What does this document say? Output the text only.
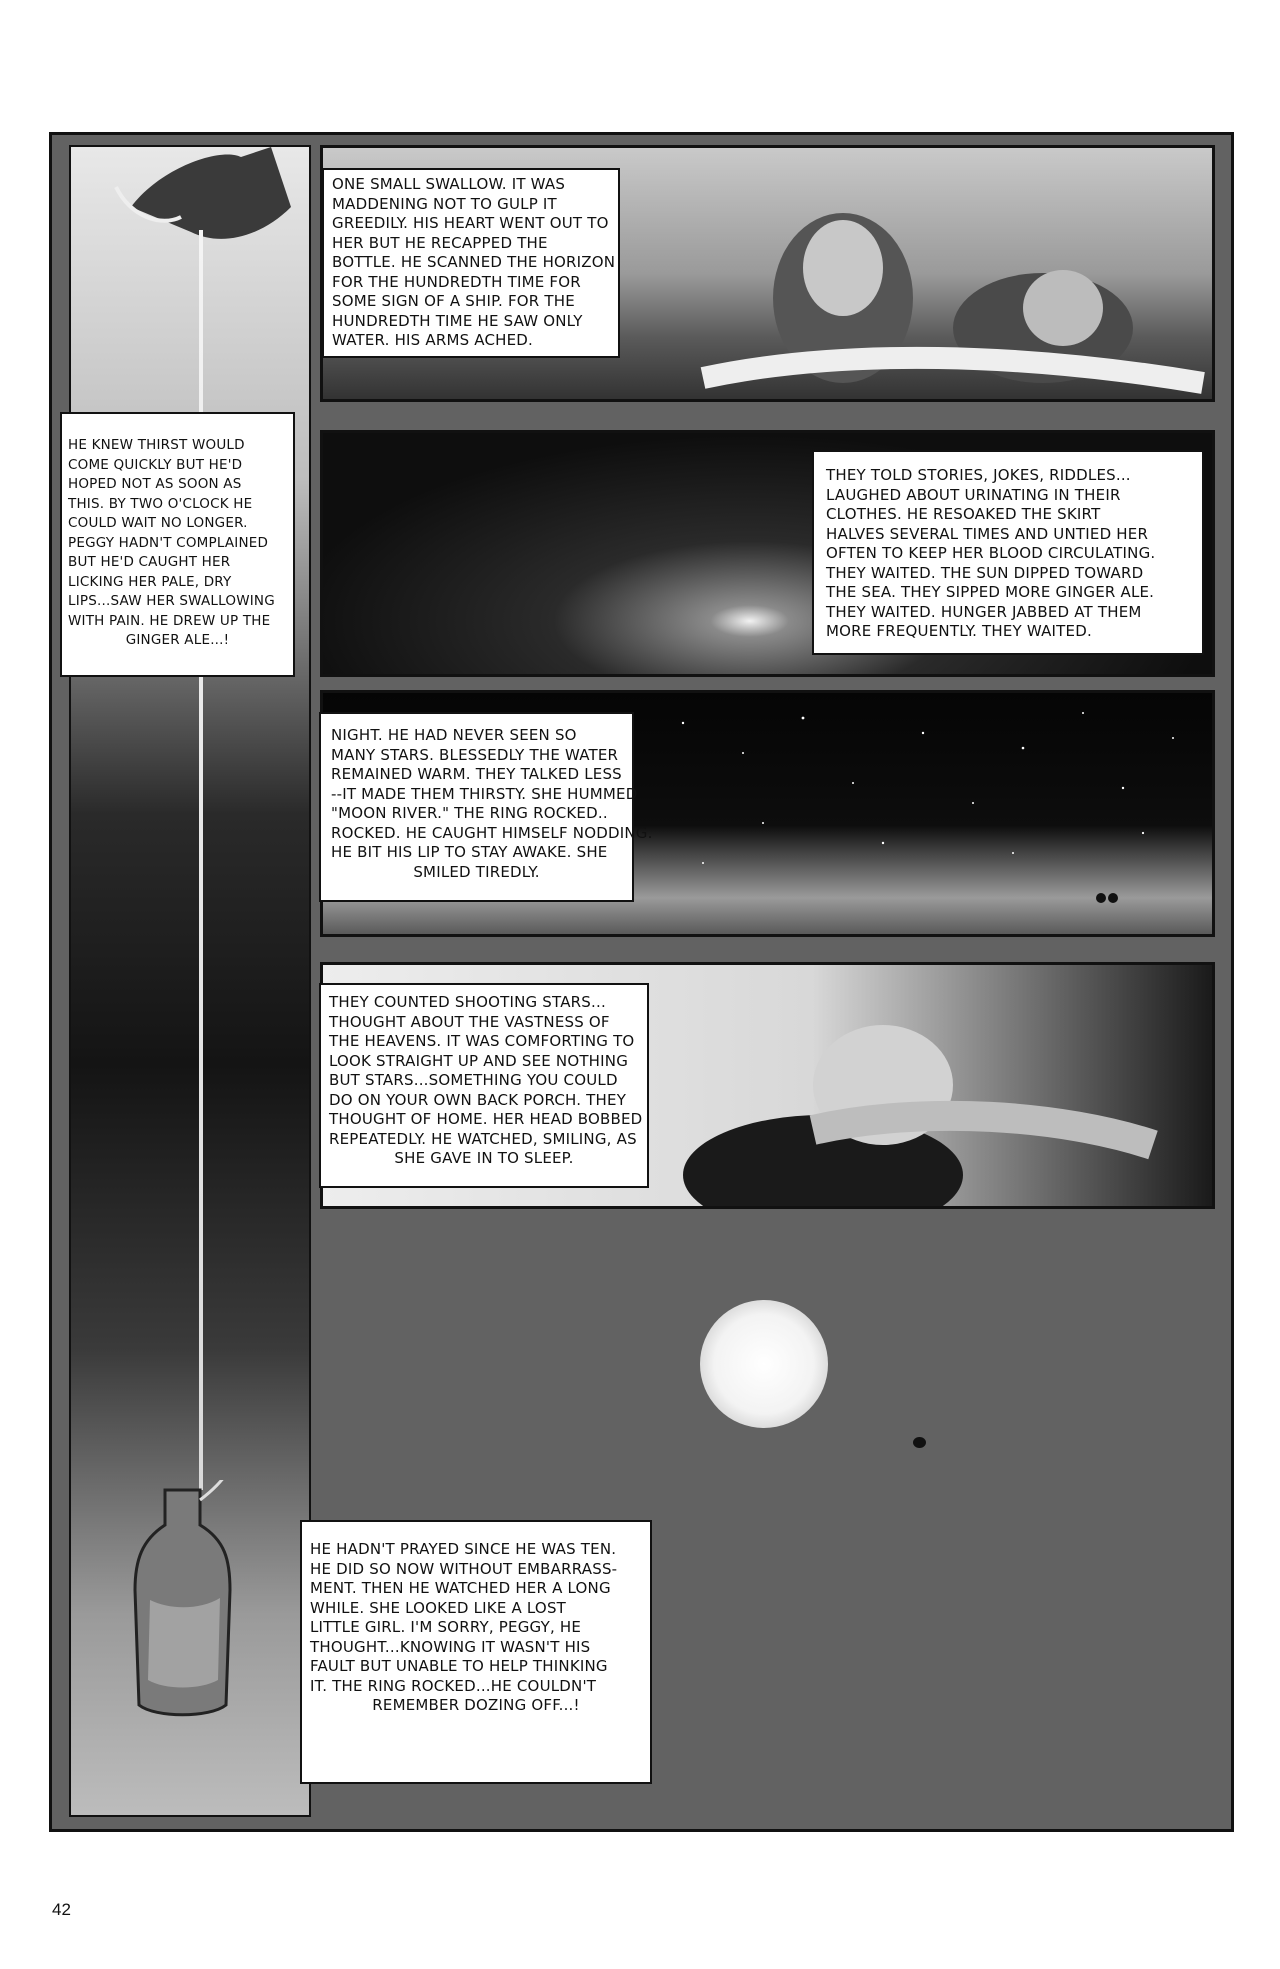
ONE SMALL SWALLOW. IT WAS
MADDENING NOT TO GULP IT
GREEDILY. HIS HEART WENT OUT TO
HER BUT HE RECAPPED THE
BOTTLE. HE SCANNED THE HORIZON
FOR THE HUNDREDTH TIME FOR
SOME SIGN OF A SHIP. FOR THE
HUNDREDTH TIME HE SAW ONLY
WATER. HIS ARMS ACHED.
HE KNEW THIRST WOULD
COME QUICKLY BUT HE'D
HOPED NOT AS SOON AS
THIS. BY TWO O'CLOCK HE
COULD WAIT NO LONGER.
PEGGY HADN'T COMPLAINED
BUT HE'D CAUGHT HER
LICKING HER PALE, DRY
LIPS...SAW HER SWALLOWING
WITH PAIN. HE DREW UP THE
GINGER ALE...!
THEY TOLD STORIES, JOKES, RIDDLES...
LAUGHED ABOUT URINATING IN THEIR
CLOTHES. HE RESOAKED THE SKIRT
HALVES SEVERAL TIMES AND UNTIED HER
OFTEN TO KEEP HER BLOOD CIRCULATING.
THEY WAITED. THE SUN DIPPED TOWARD
THE SEA. THEY SIPPED MORE GINGER ALE.
THEY WAITED. HUNGER JABBED AT THEM
MORE FREQUENTLY. THEY WAITED.
NIGHT. HE HAD NEVER SEEN SO
MANY STARS. BLESSEDLY THE WATER
REMAINED WARM. THEY TALKED LESS
--IT MADE THEM THIRSTY. SHE HUMMED
"MOON RIVER." THE RING ROCKED..
ROCKED. HE CAUGHT HIMSELF NODDING.
HE BIT HIS LIP TO STAY AWAKE. SHE
SMILED TIREDLY.
THEY COUNTED SHOOTING STARS...
THOUGHT ABOUT THE VASTNESS OF
THE HEAVENS. IT WAS COMFORTING TO
LOOK STRAIGHT UP AND SEE NOTHING
BUT STARS...SOMETHING YOU COULD
DO ON YOUR OWN BACK PORCH. THEY
THOUGHT OF HOME. HER HEAD BOBBED
REPEATEDLY. HE WATCHED, SMILING, AS
SHE GAVE IN TO SLEEP.
HE HADN'T PRAYED SINCE HE WAS TEN.
HE DID SO NOW WITHOUT EMBARRASS-
MENT. THEN HE WATCHED HER A LONG
WHILE. SHE LOOKED LIKE A LOST
LITTLE GIRL. I'M SORRY, PEGGY, HE
THOUGHT...KNOWING IT WASN'T HIS
FAULT BUT UNABLE TO HELP THINKING
IT. THE RING ROCKED...HE COULDN'T
REMEMBER DOZING OFF...!
42
